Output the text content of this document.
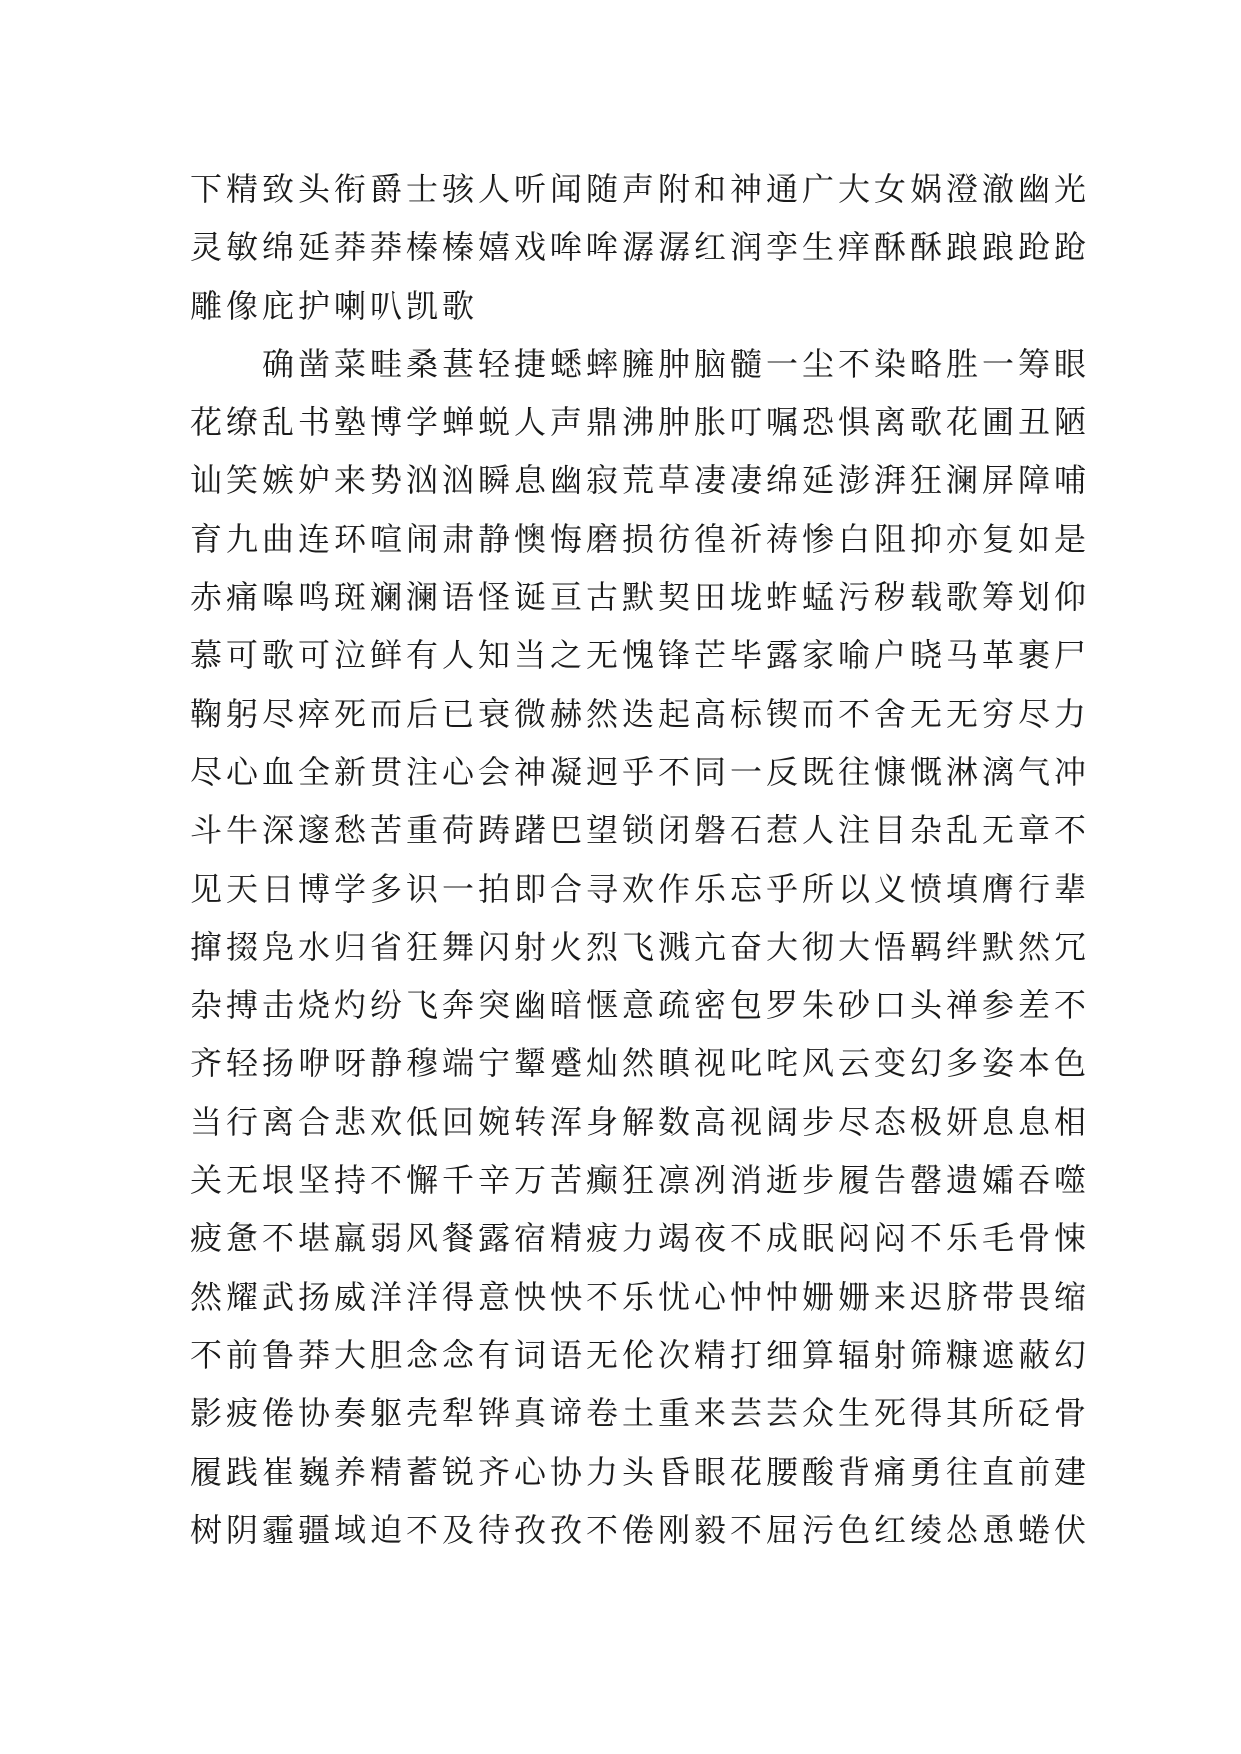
下精致头衔爵士骇人听闻随声附和神通广大女娲澄澈幽光
灵敏绵延莽莽榛榛嬉戏哞哞潺潺红润孪生痒酥酥踉踉跄跄
雕像庇护喇叭凯歌
确凿菜畦桑葚轻捷蟋蟀臃肿脑髓一尘不染略胜一筹眼
花缭乱书塾博学蝉蜕人声鼎沸肿胀叮嘱恐惧离歌花圃丑陋
讪笑嫉妒来势汹汹瞬息幽寂荒草凄凄绵延澎湃狂澜屏障哺
育九曲连环喧闹肃静懊悔磨损彷徨祈祷惨白阻抑亦复如是
赤痛嗥鸣斑斓澜语怪诞亘古默契田垅蚱蜢污秽载歌筹划仰
慕可歌可泣鲜有人知当之无愧锋芒毕露家喻户晓马革裹尸
鞠躬尽瘁死而后已衰微赫然迭起高标锲而不舍无无穷尽力
尽心血全新贯注心会神凝迥乎不同一反既往慷慨淋漓气冲
斗牛深邃愁苦重荷踌躇巴望锁闭磐石惹人注目杂乱无章不
见天日博学多识一拍即合寻欢作乐忘乎所以义愤填膺行辈
撺掇凫水归省狂舞闪射火烈飞溅亢奋大彻大悟羁绊默然冗
杂搏击烧灼纷飞奔突幽暗惬意疏密包罗朱砂口头禅参差不
齐轻扬咿呀静穆端宁颦蹙灿然瞋视叱咤风云变幻多姿本色
当行离合悲欢低回婉转浑身解数高视阔步尽态极妍息息相
关无垠坚持不懈千辛万苦癫狂凛冽消逝步履告罄遗孀吞噬
疲惫不堪羸弱风餐露宿精疲力竭夜不成眠闷闷不乐毛骨悚
然耀武扬威洋洋得意怏怏不乐忧心忡忡姗姗来迟脐带畏缩
不前鲁莽大胆念念有词语无伦次精打细算辐射筛糠遮蔽幻
影疲倦协奏躯壳犁铧真谛卷土重来芸芸众生死得其所砭骨
履践崔巍养精蓄锐齐心协力头昏眼花腰酸背痛勇往直前建
树阴霾疆域迫不及待孜孜不倦刚毅不屈污色红绫怂恿蜷伏
